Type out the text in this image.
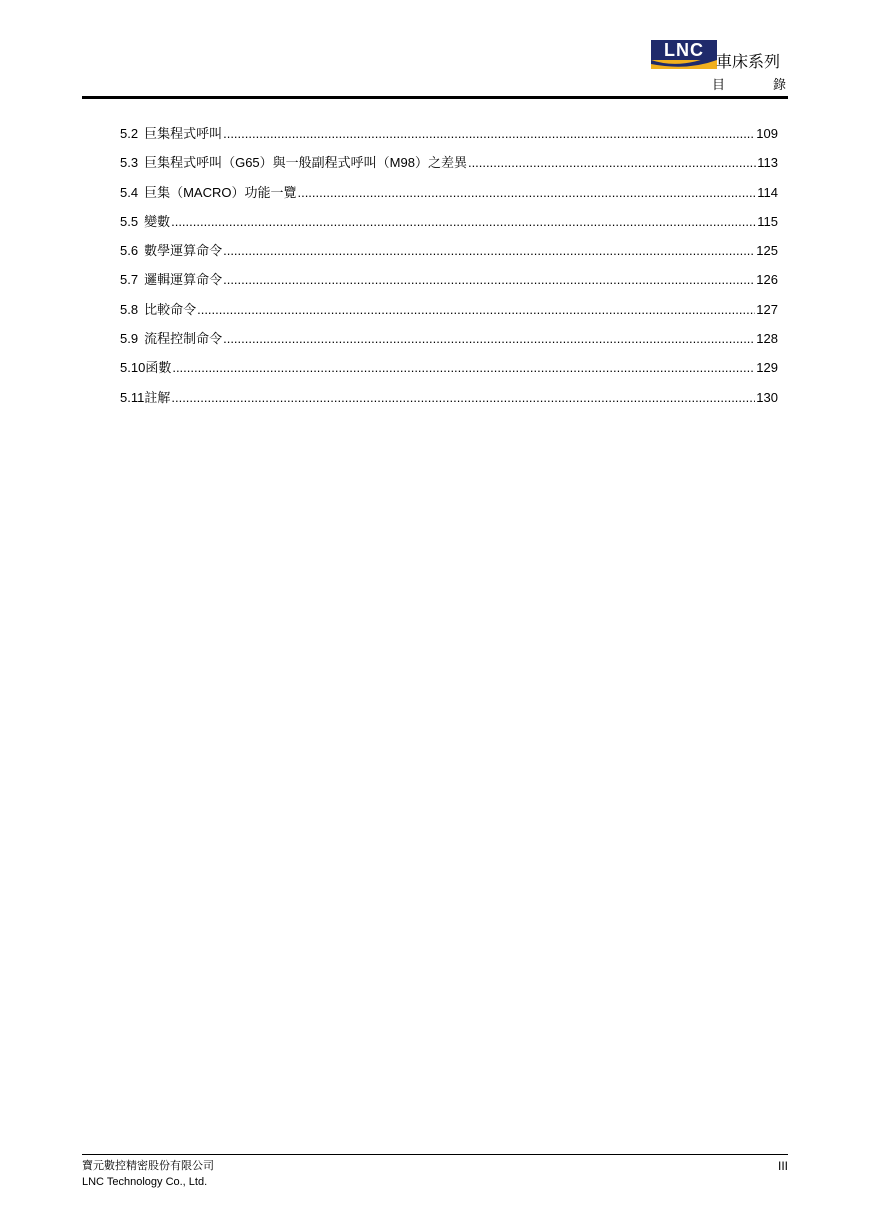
LNC
車床系列
目	錄
5.2 巨集程式呼叫 .....	109
5.3 巨集程式呼叫（G65）與一般副程式呼叫（M98）之差異 .....	113
5.4 巨集（MACRO）功能一覽 .....	114
5.5 變數 .....	115
5.6 數學運算命令 .....	125
5.7 邏輯運算命令 .....	126
5.8 比較命令 .....	127
5.9 流程控制命令 .....	128
5.10 函數 .....	129
5.11 註解 .....	130
寶元數控精密股份有限公司
LNC Technology Co., Ltd.
III
